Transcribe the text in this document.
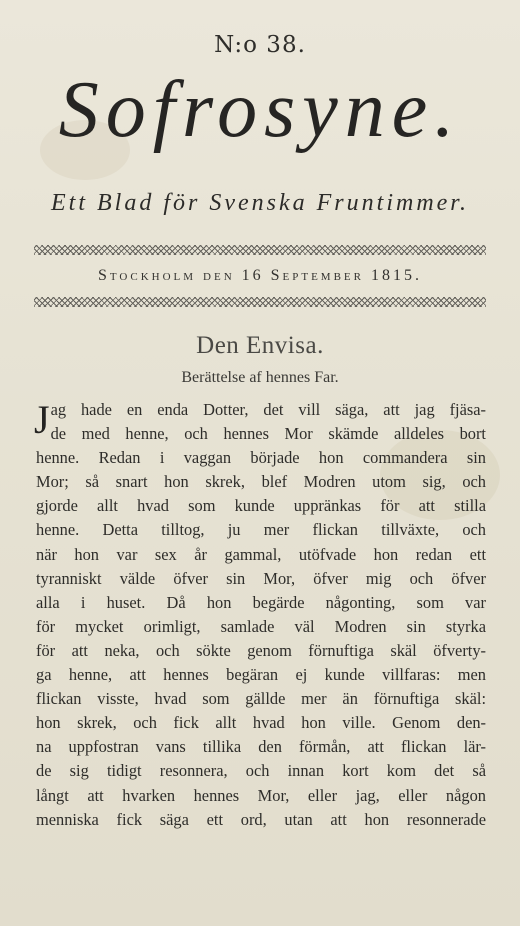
N:o 38.
Sofrosyne.
Ett Blad för Svenska Fruntimmer.
Stockholm den 16 September 1815.
Den Envisa.
Berättelse af hennes Far.
J ag hade en enda Dotter, det vill säga, att jag fjäsa-
de med henne, och hennes Mor skämde alldeles bort
henne. Redan i vaggan började hon commandera sin
Mor; så snart hon skrek, blef Modren utom sig, och
gjorde allt hvad som kunde uppränkas för att stilla
henne. Detta tilltog, ju mer flickan tillväxte, och
när hon var sex år gammal, utöfvade hon redan ett
tyranniskt välde öfver sin Mor, öfver mig och öfver
alla i huset. Då hon begärde någonting, som var
för mycket orimligt, samlade väl Modren sin styrka
för att neka, och sökte genom förnuftiga skäl öfverty-
ga henne, att hennes begäran ej kunde villfaras: men
flickan visste, hvad som gällde mer än förnuftiga skäl:
hon skrek, och fick allt hvad hon ville. Genom den-
na uppfostran vans tillika den förmån, att flickan lär-
de sig tidigt resonnera, och innan kort kom det så
långt att hvarken hennes Mor, eller jag, eller någon
menniska fick säga ett ord, utan att hon resonnerade
